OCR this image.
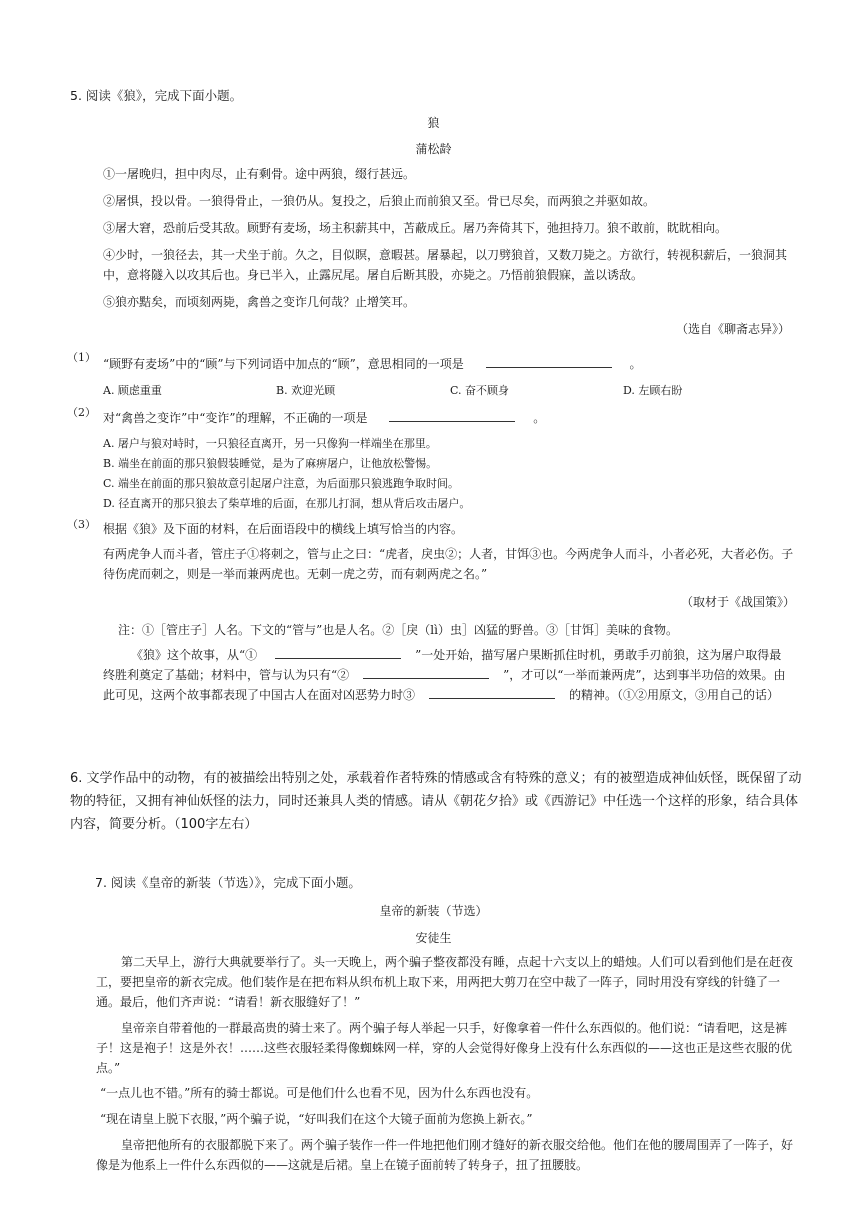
5. 阅读《狼》，完成下面小题。
狼
蒲松龄
①一屠晚归，担中肉尽，止有剩骨。途中两狼，缀行甚远。
②屠惧，投以骨。一狼得骨止，一狼仍从。复投之，后狼止而前狼又至。骨已尽矣，而两狼之并驱如故。
③屠大窘，恐前后受其敌。顾野有麦场，场主积薪其中，苫蔽成丘。屠乃奔倚其下，弛担持刀。狼不敢前，眈眈相向。
④少时，一狼径去，其一犬坐于前。久之，目似瞑，意暇甚。屠暴起，以刀劈狼首，又数刀毙之。方欲行，转视积薪后，一狼洞其中，意将隧入以攻其后也。身已半入，止露尻尾。屠自后断其股，亦毙之。乃悟前狼假寐，盖以诱敌。
⑤狼亦黠矣，而顷刻两毙，禽兽之变诈几何哉？止增笑耳。
（选自《聊斋志异》）
（1） “顾野有麦场”中的“顾”与下列词语中加点的“顾”，意思相同的一项是	。
A. 顾虑重重	B. 欢迎光顾	C. 奋不顾身	D. 左顾右盼
（2） 对“禽兽之变诈”中“变诈”的理解，不正确的一项是	。
A. 屠户与狼对峙时，一只狼径直离开，另一只像狗一样端坐在那里。
B. 端坐在前面的那只狼假装睡觉，是为了麻痹屠户，让他放松警惕。
C. 端坐在前面的那只狼故意引起屠户注意，为后面那只狼逃跑争取时间。
D. 径直离开的那只狼去了柴草堆的后面，在那儿打洞，想从背后攻击屠户。
（3） 根据《狼》及下面的材料，在后面语段中的横线上填写恰当的内容。
有两虎争人而斗者，管庄子①将刺之，管与止之曰：“虎者，戾虫②；人者，甘饵③也。今两虎争人而斗，小者必死，大者必伤。子待伤虎而刺之，则是一举而兼两虎也。无刺一虎之劳，而有刺两虎之名。”
（取材于《战国策》）
注：①［管庄子］人名。下文的“管与”也是人名。②［戾（lì）虫］凶猛的野兽。③［甘饵］美味的食物。
《狼》这个故事，从“①	”一处开始，描写屠户果断抓住时机，勇敢手刃前狼，这为屠户取得最终胜利奠定了基础；材料中，管与认为只有“②	”，才可以“一举而兼两虎”，达到事半功倍的效果。由此可见，这两个故事都表现了中国古人在面对凶恶势力时③	的精神。（①②用原文，③用自己的话）
6. 文学作品中的动物，有的被描绘出特别之处，承载着作者特殊的情感或含有特殊的意义；有的被塑造成神仙妖怪，既保留了动物的特征，又拥有神仙妖怪的法力，同时还兼具人类的情感。请从《朝花夕拾》或《西游记》中任选一个这样的形象，结合具体内容，简要分析。（100字左右）
7. 阅读《皇帝的新装（节选）》，完成下面小题。
皇帝的新装（节选）
安徒生
第二天早上，游行大典就要举行了。头一天晚上，两个骗子整夜都没有睡，点起十六支以上的蜡烛。人们可以看到他们是在赶夜工，要把皇帝的新衣完成。他们装作是在把布料从织布机上取下来，用两把大剪刀在空中裁了一阵子，同时用没有穿线的针缝了一通。最后，他们齐声说：“请看！新衣服缝好了！”
皇帝亲自带着他的一群最高贵的骑士来了。两个骗子每人举起一只手，好像拿着一件什么东西似的。他们说：“请看吧，这是裤子！这是袍子！这是外衣！……这些衣服轻柔得像蜘蛛网一样，穿的人会觉得好像身上没有什么东西似的——这也正是这些衣服的优点。”
“一点儿也不错。”所有的骑士都说。可是他们什么也看不见，因为什么东西也没有。
“现在请皇上脱下衣服，”两个骗子说，“好叫我们在这个大镜子面前为您换上新衣。”
皇帝把他所有的衣服都脱下来了。两个骗子装作一件一件地把他们刚才缝好的新衣服交给他。他们在他的腰周围弄了一阵子，好像是为他系上一件什么东西似的——这就是后裙。皇上在镜子面前转了转身子，扭了扭腰肢。
